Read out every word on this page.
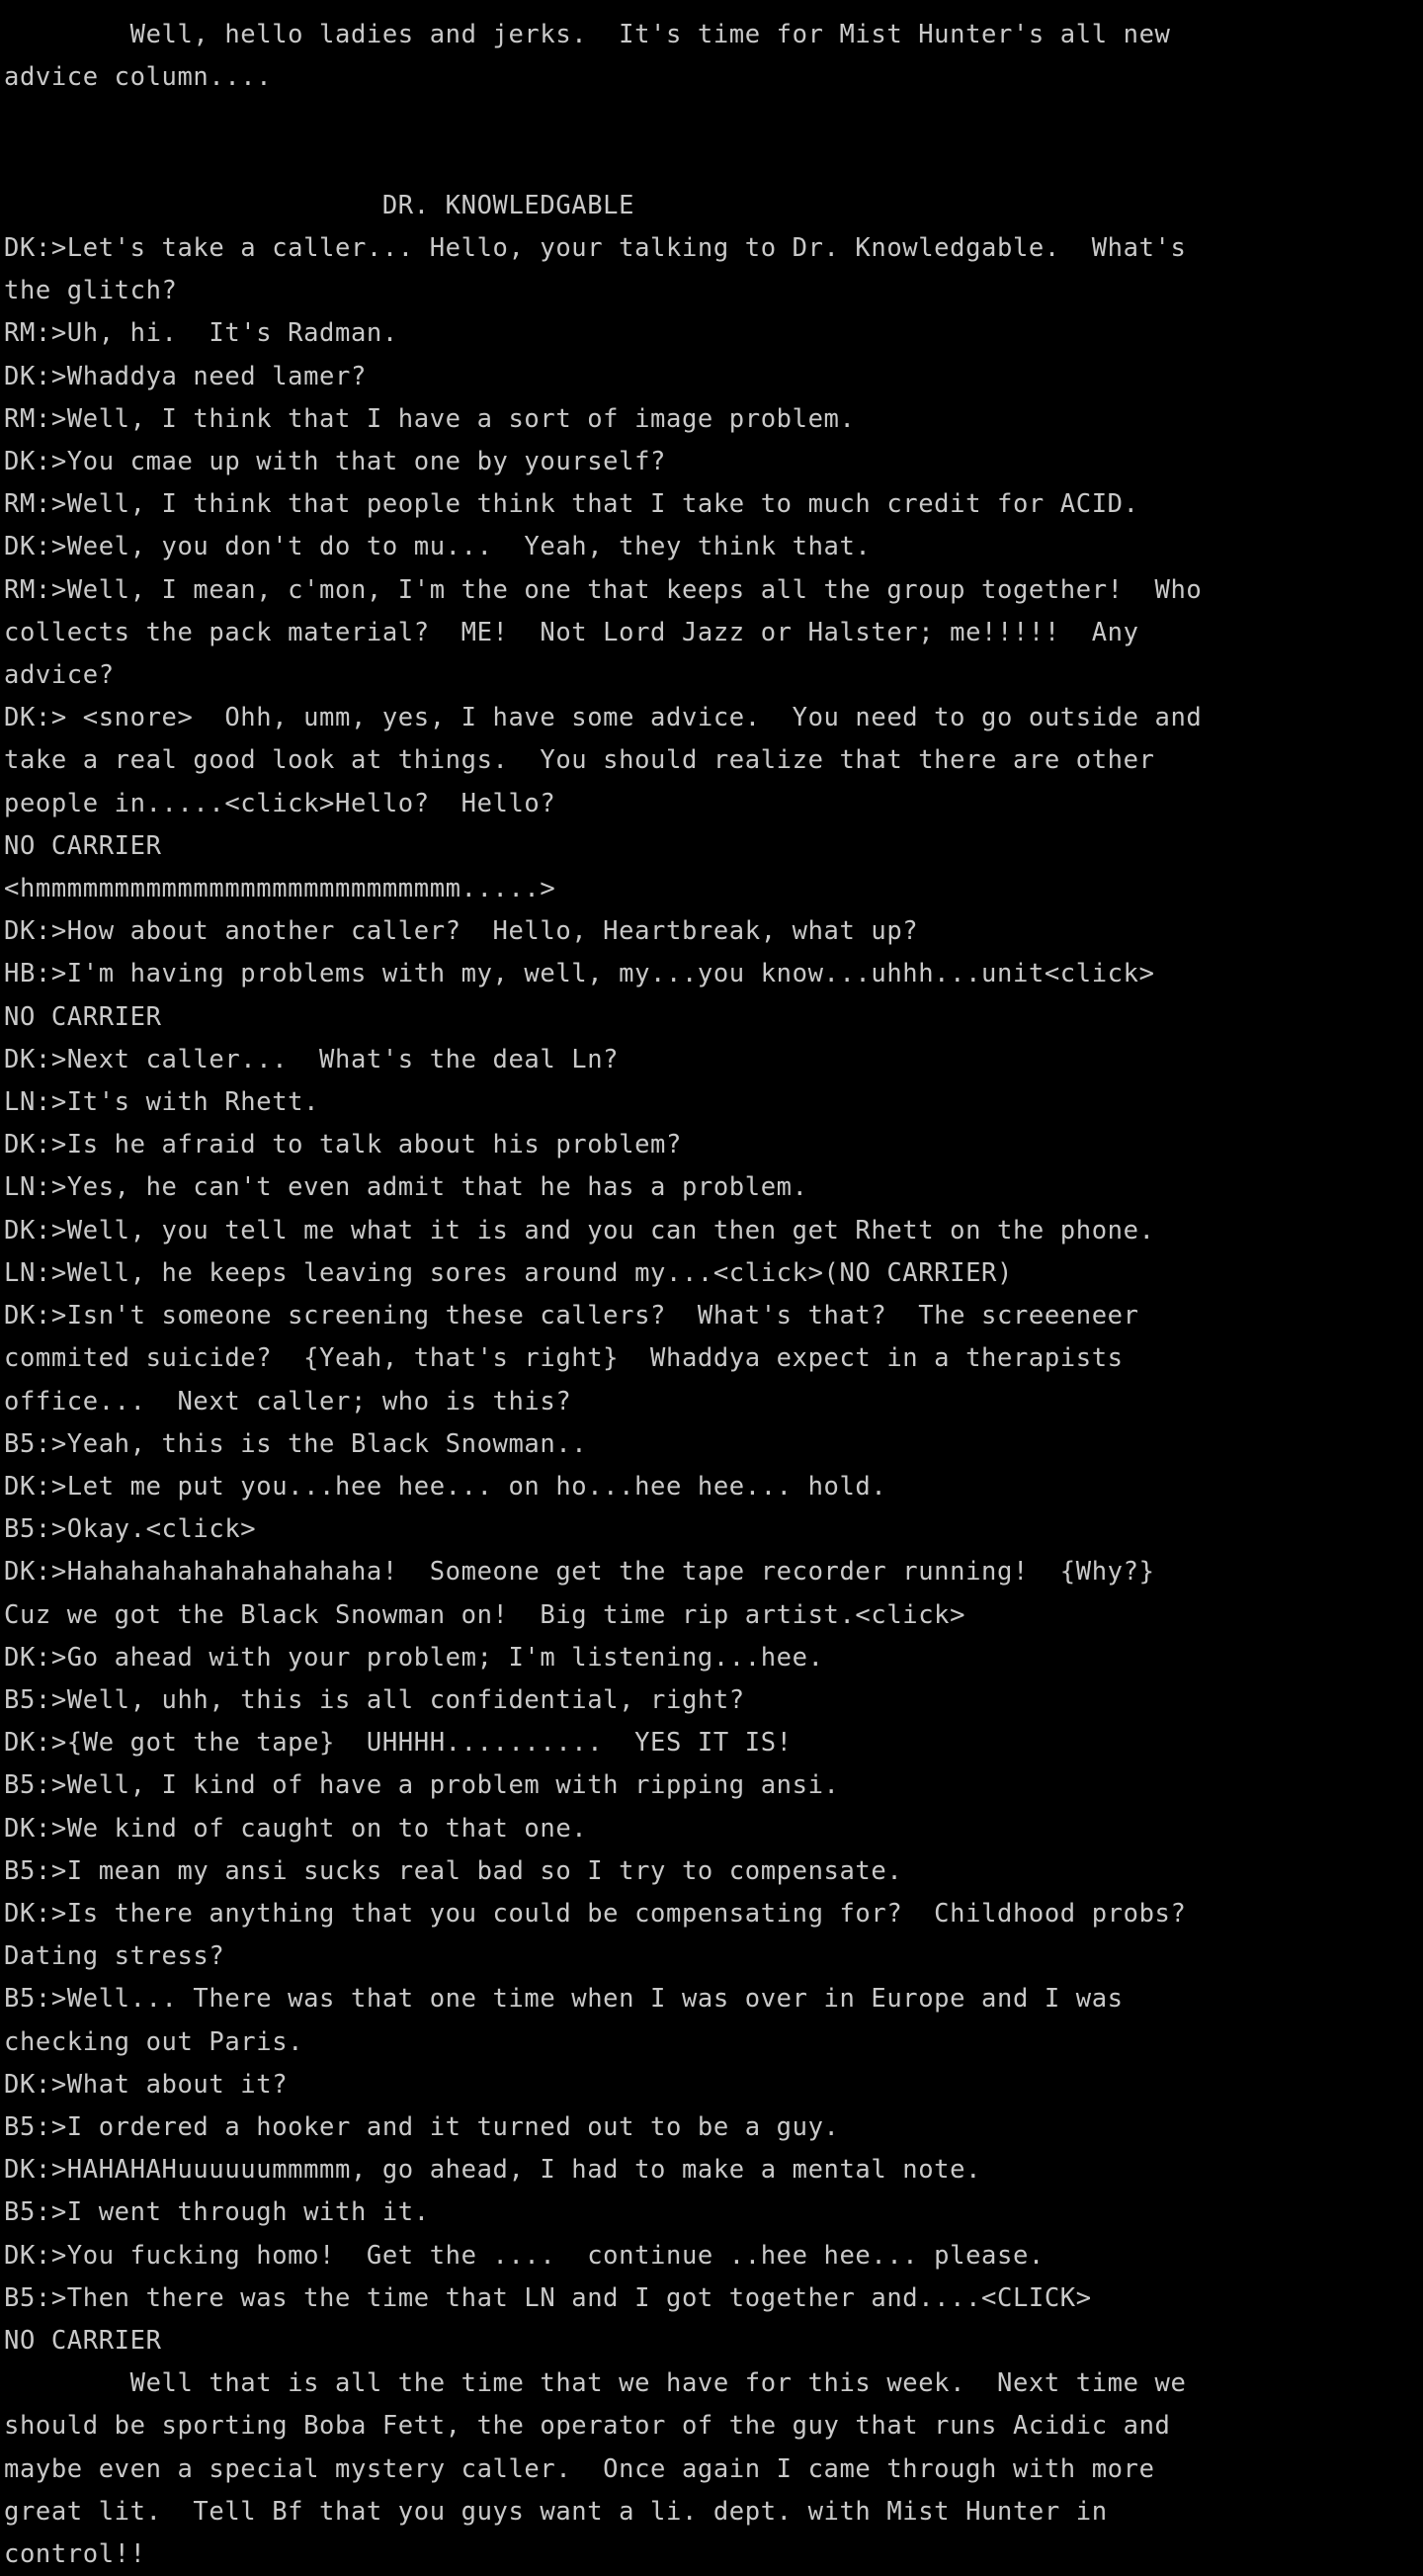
Well, hello ladies and jerks.  It's time for Mist Hunter's all new
advice column....

DR. KNOWLEDGABLE
DK:>Let's take a caller... Hello, your talking to Dr. Knowledgable.  What's
the glitch?
RM:>Uh, hi.  It's Radman.
DK:>Whaddya need lamer?
RM:>Well, I think that I have a sort of image problem.
DK:>You cmae up with that one by yourself?
RM:>Well, I think that people think that I take to much credit for ACID.
DK:>Weel, you don't do to mu...  Yeah, they think that.
RM:>Well, I mean, c'mon, I'm the one that keeps all the group together!  Who
collects the pack material?  ME!  Not Lord Jazz or Halster; me!!!!!  Any
advice?
DK:> <snore>  Ohh, umm, yes, I have some advice.  You need to go outside and
take a real good look at things.  You should realize that there are other
people in.....<click>Hello?  Hello?
NO CARRIER
<hmmmmmmmmmmmmmmmmmmmmmmmmmmm.....>
DK:>How about another caller?  Hello, Heartbreak, what up?
HB:>I'm having problems with my, well, my...you know...uhhh...unit<click>
NO CARRIER
DK:>Next caller...  What's the deal Ln?
LN:>It's with Rhett.
DK:>Is he afraid to talk about his problem?
LN:>Yes, he can't even admit that he has a problem.
DK:>Well, you tell me what it is and you can then get Rhett on the phone.
LN:>Well, he keeps leaving sores around my...<click>(NO CARRIER)
DK:>Isn't someone screening these callers?  What's that?  The screeeneer
commited suicide?  {Yeah, that's right}  Whaddya expect in a therapists
office...  Next caller; who is this?
B5:>Yeah, this is the Black Snowman..
DK:>Let me put you...hee hee... on ho...hee hee... hold.
B5:>Okay.<click>
DK:>Hahahahahahahahahaha!  Someone get the tape recorder running!  {Why?}
Cuz we got the Black Snowman on!  Big time rip artist.<click>
DK:>Go ahead with your problem; I'm listening...hee.
B5:>Well, uhh, this is all confidential, right?
DK:>{We got the tape}  UHHHH..........  YES IT IS!
B5:>Well, I kind of have a problem with ripping ansi.
DK:>We kind of caught on to that one.
B5:>I mean my ansi sucks real bad so I try to compensate.
DK:>Is there anything that you could be compensating for?  Childhood probs?
Dating stress?
B5:>Well... There was that one time when I was over in Europe and I was
checking out Paris.
DK:>What about it?
B5:>I ordered a hooker and it turned out to be a guy.
DK:>HAHAHAHuuuuuummmmm, go ahead, I had to make a mental note.
B5:>I went through with it.
DK:>You fucking homo!  Get the ....  continue ..hee hee... please.
B5:>Then there was the time that LN and I got together and....<CLICK>
NO CARRIER
Well that is all the time that we have for this week.  Next time we
should be sporting Boba Fett, the operator of the guy that runs Acidic and
maybe even a special mystery caller.  Once again I came through with more
great lit.  Tell Bf that you guys want a li. dept. with Mist Hunter in
control!!
